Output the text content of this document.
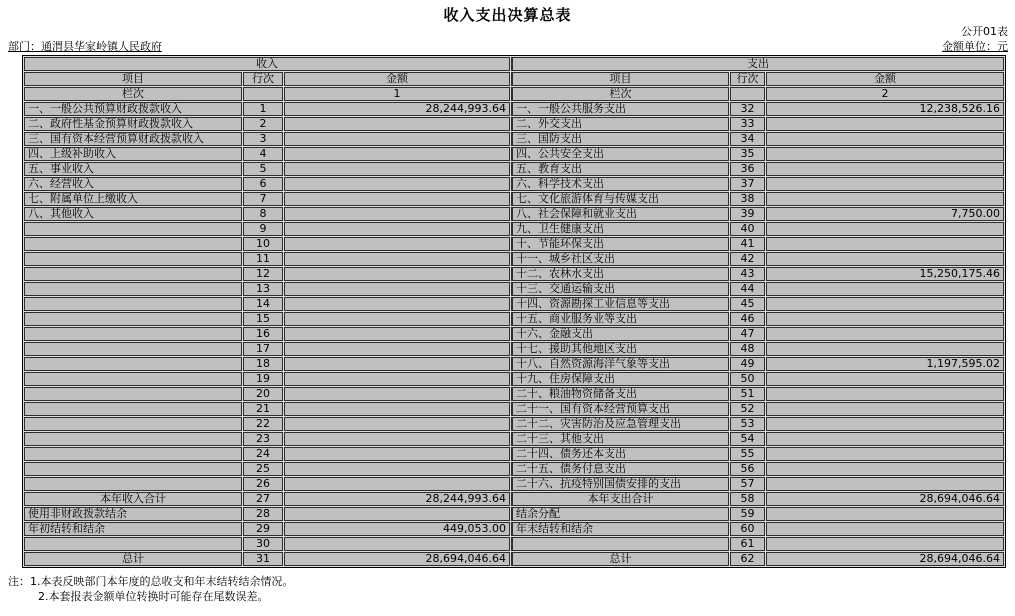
收入支出决算总表
公开01表
部门：通渭县华家岭镇人民政府	金额单位：元
收入			支出		
项目	行次	金额	项目	行次	金额
栏次		1	栏次		2
一、一般公共预算财政拨款收入	1	28,244,993.64	一、一般公共服务支出	32	12,238,526.16
二、政府性基金预算财政拨款收入	2		二、外交支出	33	
三、国有资本经营预算财政拨款收入	3		三、国防支出	34	
四、上级补助收入	4		四、公共安全支出	35	
五、事业收入	5		五、教育支出	36	
六、经营收入	6		六、科学技术支出	37	
七、附属单位上缴收入	7		七、文化旅游体育与传媒支出	38	
八、其他收入	8		八、社会保障和就业支出	39	7,750.00
	9		九、卫生健康支出	40	
	10		十、节能环保支出	41	
	11		十一、城乡社区支出	42	
	12		十二、农林水支出	43	15,250,175.46
	13		十三、交通运输支出	44	
	14		十四、资源勘探工业信息等支出	45	
	15		十五、商业服务业等支出	46	
	16		十六、金融支出	47	
	17		十七、援助其他地区支出	48	
	18		十八、自然资源海洋气象等支出	49	1,197,595.02
	19		十九、住房保障支出	50	
	20		二十、粮油物资储备支出	51	
	21		二十一、国有资本经营预算支出	52	
	22		二十二、灾害防治及应急管理支出	53	
	23		二十三、其他支出	54	
	24		二十四、债务还本支出	55	
	25		二十五、债务付息支出	56	
	26		二十六、抗疫特别国债安排的支出	57	
本年收入合计	27	28,244,993.64	本年支出合计	58	28,694,046.64
使用非财政拨款结余	28		结余分配	59	
年初结转和结余	29	449,053.00	年末结转和结余	60	
	30			61	
总计	31	28,694,046.64	总计	62	28,694,046.64
注：1.本表反映部门本年度的总收支和年末结转结余情况。
2.本套报表金额单位转换时可能存在尾数误差。
